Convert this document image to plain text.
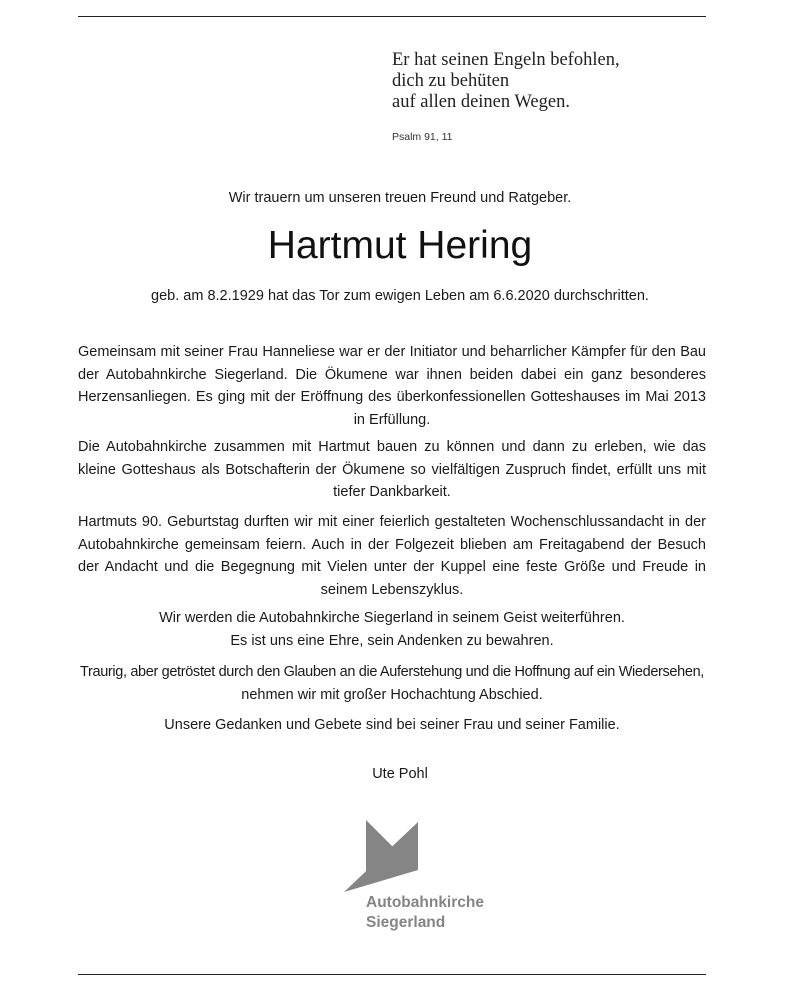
Er hat seinen Engeln befohlen,
dich zu behüten
auf allen deinen Wegen.
Psalm 91, 11
Wir trauern um unseren treuen Freund und Ratgeber.
Hartmut Hering
geb. am 8.2.1929 hat das Tor zum ewigen Leben am 6.6.2020 durchschritten.
Gemeinsam mit seiner Frau Hanneliese war er der Initiator und beharrlicher Kämpfer für den Bau der Autobahnkirche Siegerland. Die Ökumene war ihnen beiden dabei ein ganz besonderes Herzensanliegen. Es ging mit der Eröffnung des überkonfessionellen Gotteshauses im Mai 2013 in Erfüllung.
Die Autobahnkirche zusammen mit Hartmut bauen zu können und dann zu erleben, wie das kleine Gotteshaus als Botschafterin der Ökumene so vielfältigen Zuspruch findet, erfüllt uns mit tiefer Dankbarkeit.
Hartmuts 90. Geburtstag durften wir mit einer feierlich gestalteten Wochenschlussandacht in der Autobahnkirche gemeinsam feiern. Auch in der Folgezeit blieben am Freitagabend der Besuch der Andacht und die Begegnung mit Vielen unter der Kuppel eine feste Größe und Freude in seinem Lebenszyklus.
Wir werden die Autobahnkirche Siegerland in seinem Geist weiterführen.
Es ist uns eine Ehre, sein Andenken zu bewahren.
Traurig, aber getröstet durch den Glauben an die Auferstehung und die Hoffnung auf ein Wiedersehen,
nehmen wir mit großer Hochachtung Abschied.
Unsere Gedanken und Gebete sind bei seiner Frau und seiner Familie.
Ute Pohl
Autobahnkirche
Siegerland
